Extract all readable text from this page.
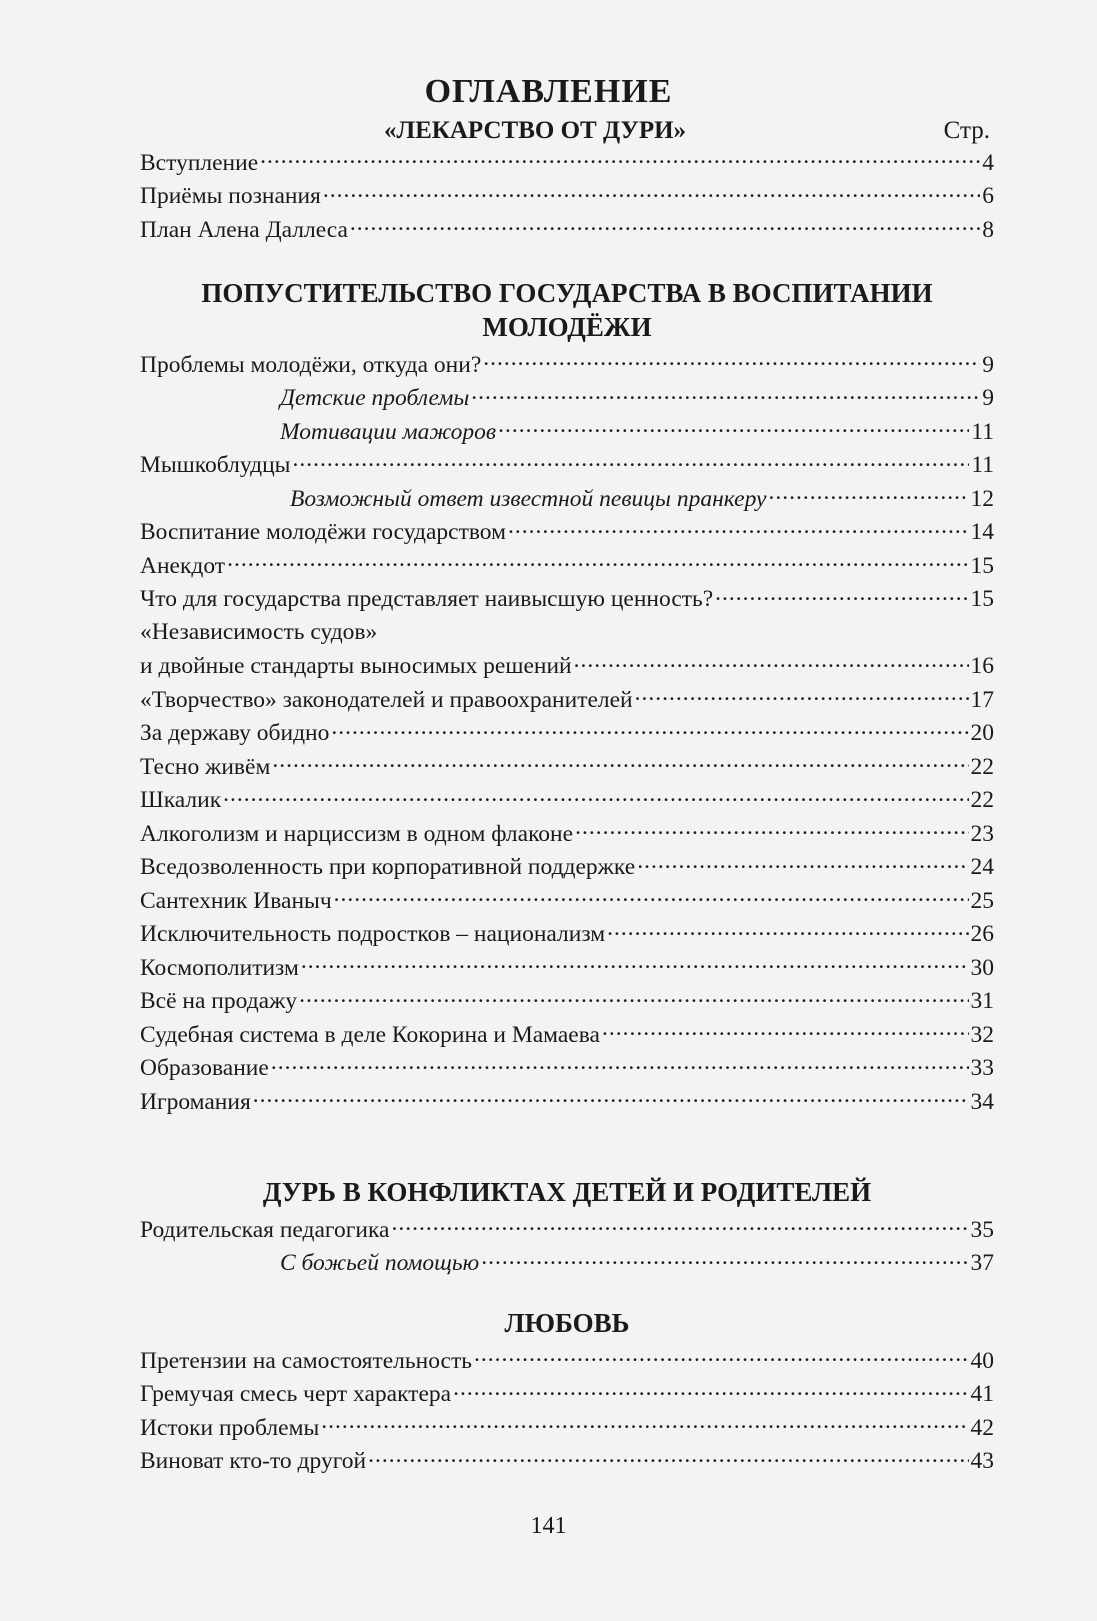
ОГЛАВЛЕНИЕ
«ЛЕКАРСТВО ОТ ДУРИ»	Стр.
Вступление .....	4
Приёмы познания .....	6
План Алена Даллеса .....	8
ПОПУСТИТЕЛЬСТВО ГОСУДАРСТВА В ВОСПИТАНИИ МОЛОДЁЖИ
Проблемы молодёжи, откуда они? .....	9
Детские проблемы .....	9
Мотивации мажоров .....	11
Мышкоблудцы .....	11
Возможный ответ известной певицы пранкеру .....	12
Воспитание молодёжи государством .....	14
Анекдот .....	15
Что для государства представляет наивысшую ценность? .....	15
«Независимость судов»
и двойные стандарты выносимых решений .....	16
«Творчество» законодателей и правоохранителей .....	17
За державу обидно .....	20
Тесно живём .....	22
Шкалик .....	22
Алкоголизм и нарциссизм в одном флаконе .....	23
Вседозволенность при корпоративной поддержке .....	24
Сантехник Иваныч .....	25
Исключительность подростков – национализм .....	26
Космополитизм .....	30
Всё на продажу .....	31
Судебная система в деле Кокорина и Мамаева .....	32
Образование .....	33
Игромания .....	34
ДУРЬ В КОНФЛИКТАХ ДЕТЕЙ И РОДИТЕЛЕЙ
Родительская педагогика .....	35
С божьей помощью .....	37
ЛЮБОВЬ
Претензии на самостоятельность .....	40
Гремучая смесь черт характера .....	41
Истоки проблемы .....	42
Виноват кто-то другой .....	43
141
